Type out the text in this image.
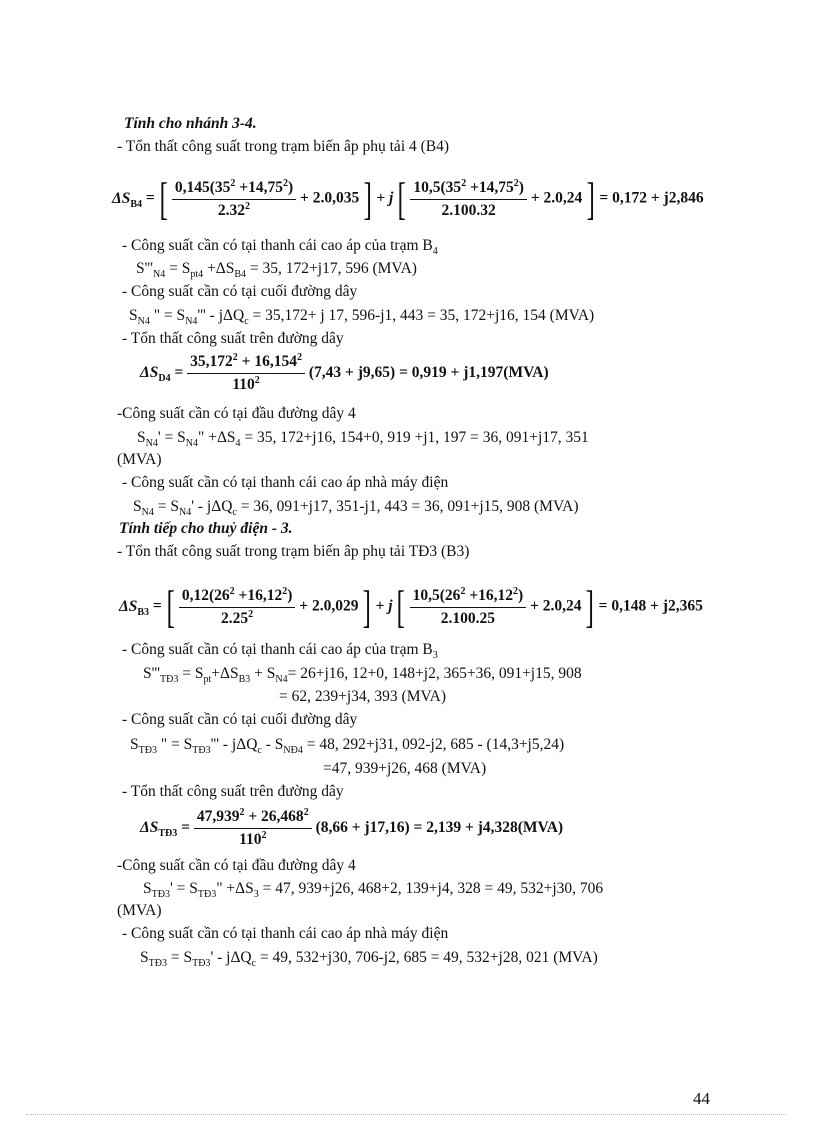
Tính cho nhánh 3-4.
- Tổn thất công suất trong trạm biến âp phụ tải 4 (B4)
$\Delta S_{B4}$ = [ $\frac{0,145(35^2 +14,75^2)}{2.32^2} + 2.0,035$ ] + j [ $\frac{10,5(35^2 +14,75^2)}{2.100.32} + 2.0,24$ ] = 0,172 + j2,846
- Công suất cần có tại thanh cái cao áp của trạm $B_4$
$S'''_{N4} = S_{pt4} +\Delta S_{B4} = 35$, 172+j17, 596 (MVA)
- Công suất cần có tại cuối đường dây
$S_{N4}$ " = $S_{N4}''' - j\Delta Q_c = 35,172+ j$ 17, 596-j1, 443 = 35, 172+j16, 154 (MVA)
- Tổn thất công suất trên đường dây
$\Delta S_{D4} = \frac{35,172^2 + 16,154^2}{110^2} (7,43 + j9,65) = 0,919 + j1,197(MVA)$
-Công suất cần có tại đầu đường dây 4
$S_{N4}' = S_{N4}$" $+\Delta S_4 = 35$, 172+j16, 154+0, 919 +j1, 197 = 36, 091+j17, 351
(MVA)
- Công suất cần có tại thanh cái cao áp nhà máy điện
$S_{N4} = S_{N4}' - j\Delta Q_c = 36$, 091+j17, 351-j1, 443 = 36, 091+j15, 908 (MVA)
Tính tiếp cho thuỷ điện - 3.
- Tổn thất công suất trong trạm biến âp phụ tải TĐ3 (B3)
$\Delta S_{B3}$ = [ $\frac{0,12(26^2 +16,12^2)}{2.25^2} + 2.0,029$ ] + j [ $\frac{10,5(26^2 +16,12^2)}{2.100.25} + 2.0,24$ ] = 0,148 + j2,365
- Công suất cần có tại thanh cái cao áp của trạm $B_3$
$S'''_{TĐ3} = S_{pt}+\Delta S_{B3} + S_{N4}= 26+j16$, 12+0, 148+j2, 365+36, 091+j15, 908
= 62, 239+j34, 393 (MVA)
- Công suất cần có tại cuối đường dây
$S_{TĐ3}$ " = $S_{TĐ3}''' - j\Delta Q_c - S_{NĐ4} = 48$, 292+j31, 092-j2, 685 - (14,3+j5,24)
=47, 939+j26, 468 (MVA)
- Tổn thất công suất trên đường dây
$\Delta S_{TĐ3} = \frac{47,939^2 + 26,468^2}{110^2} (8,66 + j17,16) = 2,139 + j4,328(MVA)$
-Công suất cần có tại đầu đường dây 4
$S_{TĐ3}' = S_{TĐ3}$" $+\Delta S_3 = 47$, 939+j26, 468+2, 139+j4, 328 = 49, 532+j30, 706
(MVA)
- Công suất cần có tại thanh cái cao áp nhà máy điện
$S_{TĐ3} = S_{TĐ3}' - j\Delta Q_c = 49$, 532+j30, 706-j2, 685 = 49, 532+j28, 021 (MVA)
44
